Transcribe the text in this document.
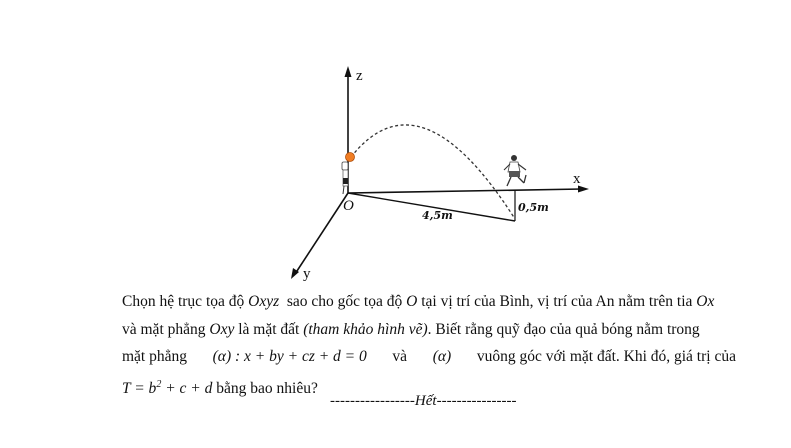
z
x
y
O
4,5m
0,5m
Chọn hệ trục tọa độ Oxyz sao cho gốc tọa độ O tại vị trí của Bình, vị trí của An nằm trên tia Ox
và mặt phẳng Oxy là mặt đất (tham khảo hình vẽ). Biết rằng quỹ đạo của quả bóng nằm trong
mặt phẳng (α) : x + by + cz + d = 0 và (α) vuông góc với mặt đất. Khi đó, giá trị của
$T = b^2 + c + d$ bằng bao nhiêu?
-----------------Hết----------------
